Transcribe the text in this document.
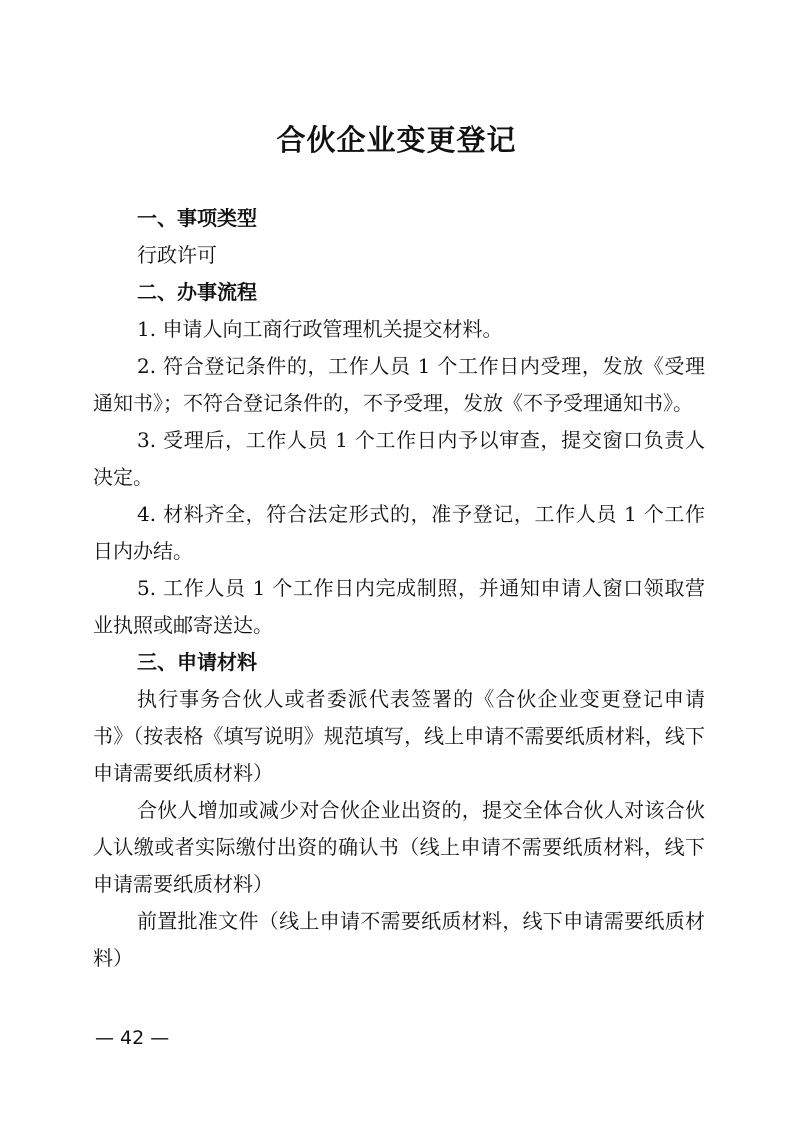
合伙企业变更登记
一、事项类型

行政许可

二、办事流程

1. 申请人向工商行政管理机关提交材料。

2. 符合登记条件的，工作人员 1 个工作日内受理，发放《受理通知书》；不符合登记条件的，不予受理，发放《不予受理通知书》。

3. 受理后，工作人员 1 个工作日内予以审查，提交窗口负责人决定。

4. 材料齐全，符合法定形式的，准予登记，工作人员 1 个工作日内办结。

5. 工作人员 1 个工作日内完成制照，并通知申请人窗口领取营业执照或邮寄送达。

三、申请材料

执行事务合伙人或者委派代表签署的《合伙企业变更登记申请书》（按表格《填写说明》规范填写，线上申请不需要纸质材料，线下申请需要纸质材料）

合伙人增加或减少对合伙企业出资的，提交全体合伙人对该合伙人认缴或者实际缴付出资的确认书（线上申请不需要纸质材料，线下申请需要纸质材料）

前置批准文件（线上申请不需要纸质材料，线下申请需要纸质材料）

— 42 —
